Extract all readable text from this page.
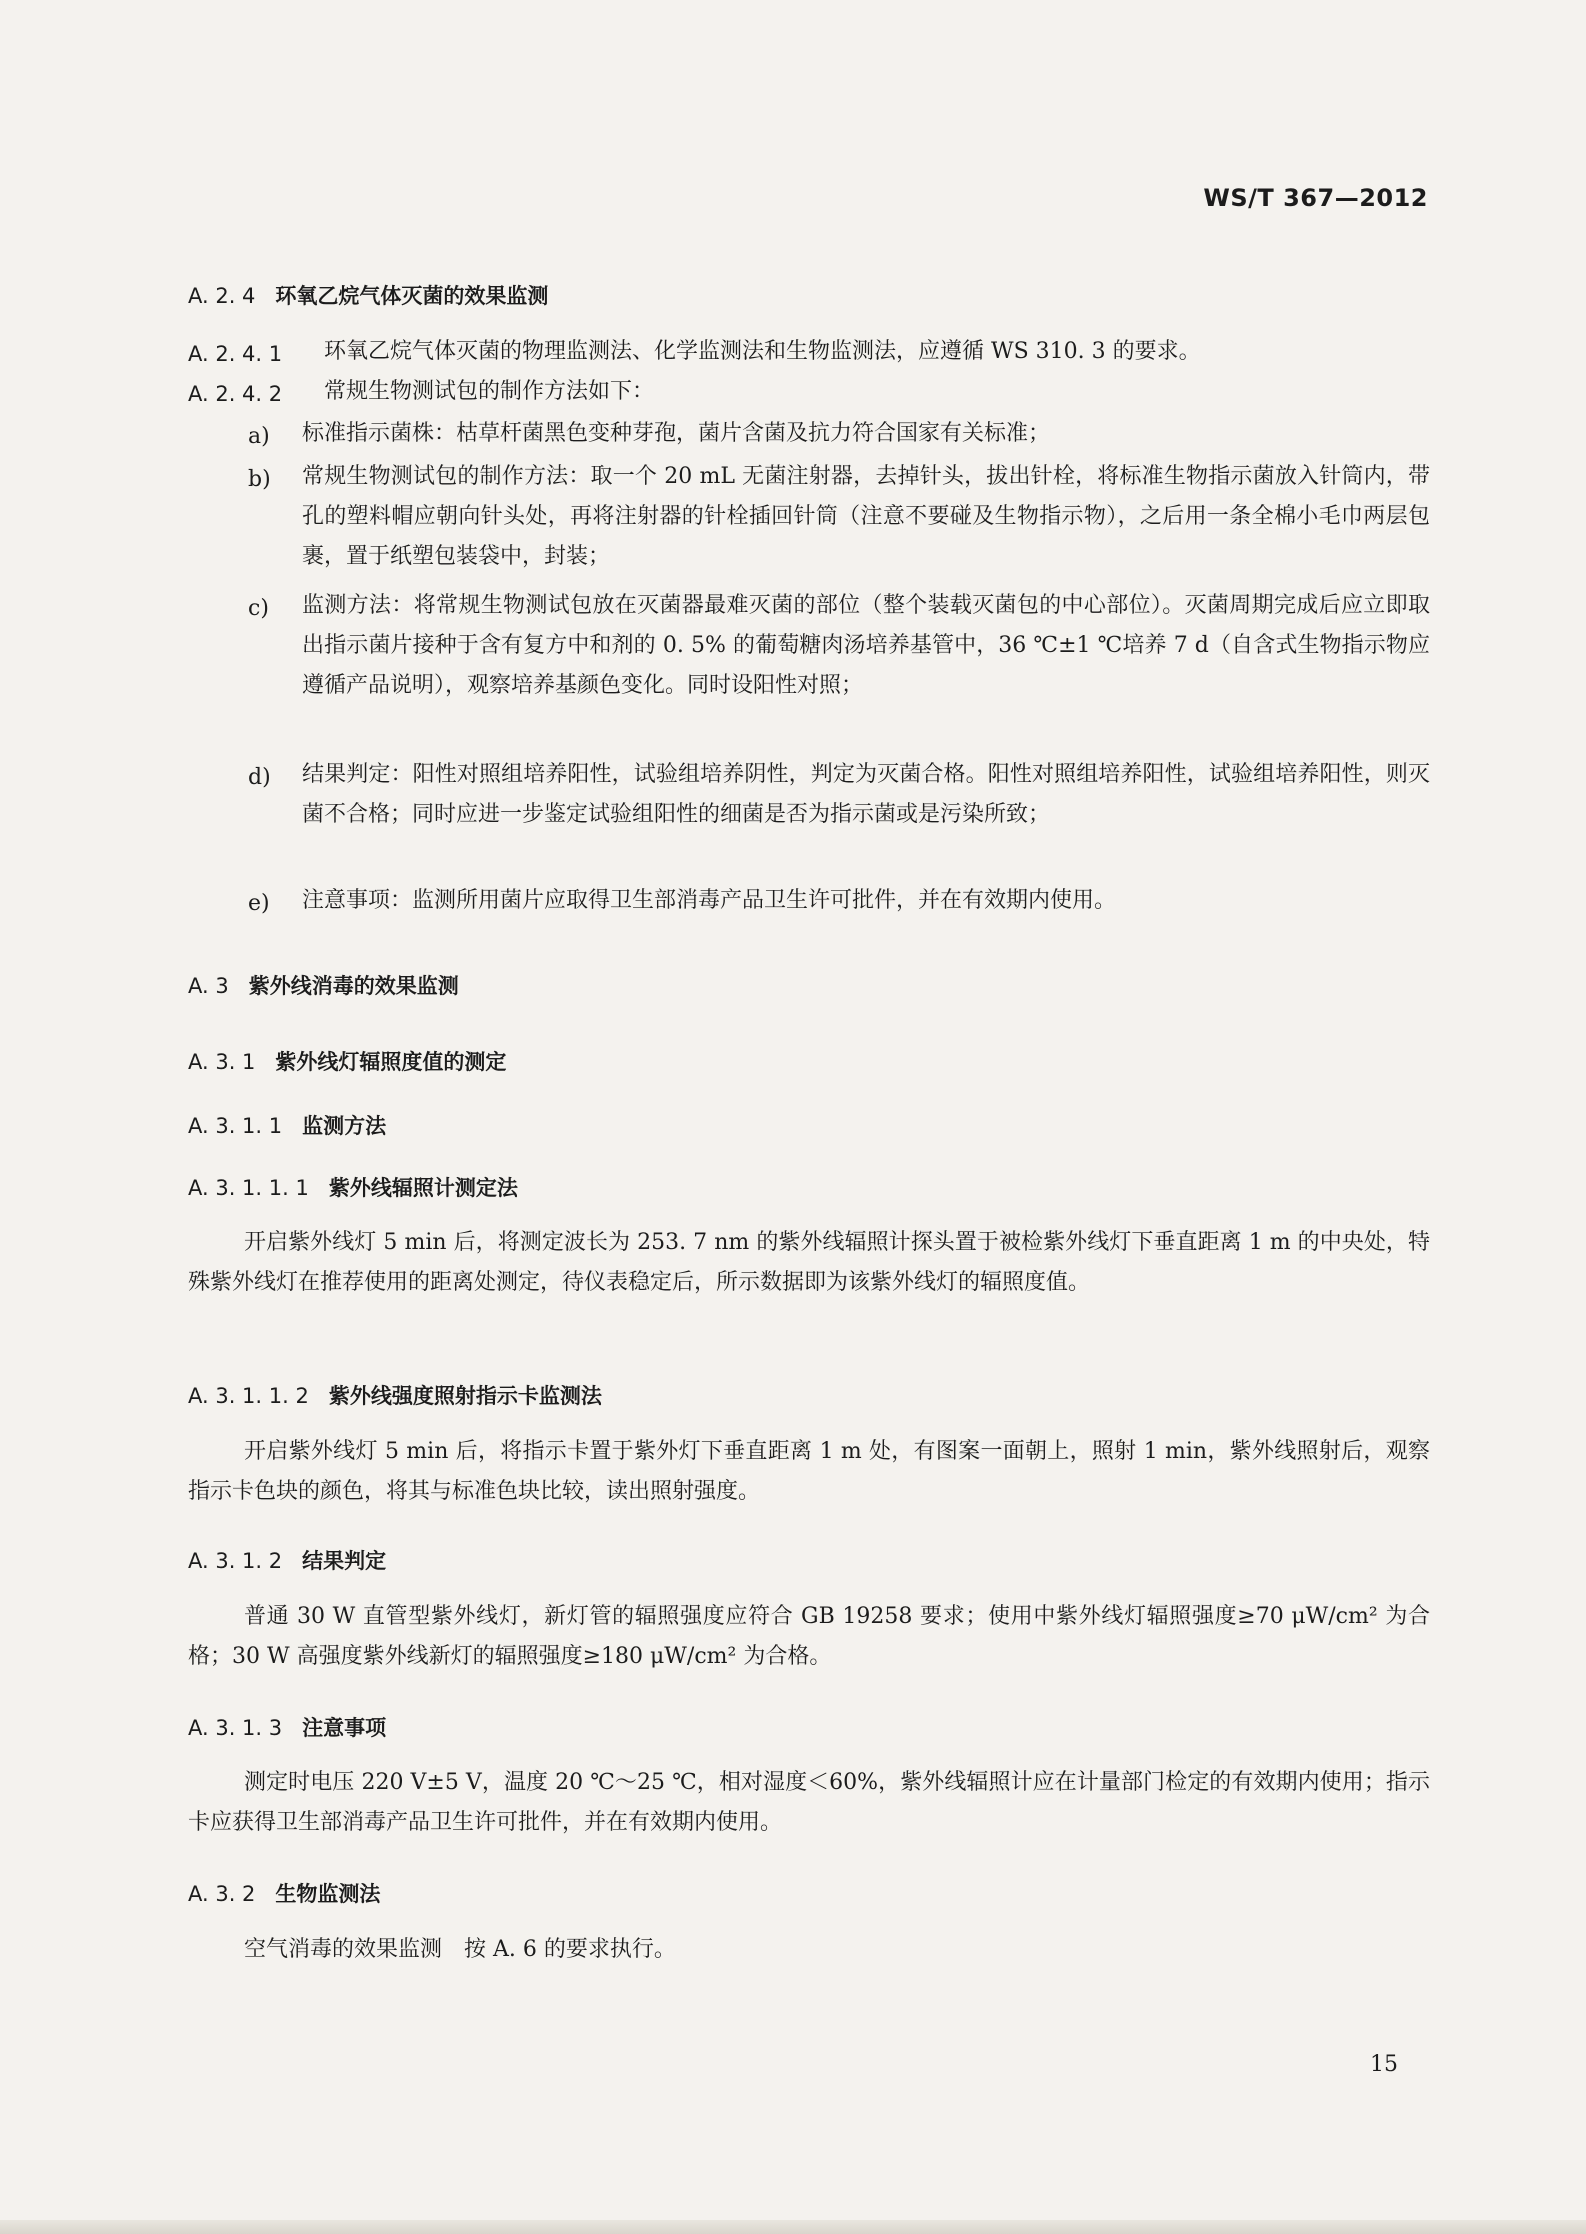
WS/T 367—2012
A. 2. 4 环氧乙烷气体灭菌的效果监测
A. 2. 4. 1 环氧乙烷气体灭菌的物理监测法、化学监测法和生物监测法，应遵循 WS 310. 3 的要求。
A. 2. 4. 2 常规生物测试包的制作方法如下：
a) 标准指示菌株：枯草杆菌黑色变种芽孢，菌片含菌及抗力符合国家有关标准；
b) 常规生物测试包的制作方法：取一个 20 mL 无菌注射器，去掉针头，拔出针栓，将标准生物指示菌放入针筒内，带孔的塑料帽应朝向针头处，再将注射器的针栓插回针筒（注意不要碰及生物指示物），之后用一条全棉小毛巾两层包裹，置于纸塑包装袋中，封装；
c) 监测方法：将常规生物测试包放在灭菌器最难灭菌的部位（整个装载灭菌包的中心部位）。灭菌周期完成后应立即取出指示菌片接种于含有复方中和剂的 0. 5% 的葡萄糖肉汤培养基管中，36 ℃±1 ℃培养 7 d（自含式生物指示物应遵循产品说明），观察培养基颜色变化。同时设阳性对照；
d) 结果判定：阳性对照组培养阳性，试验组培养阴性，判定为灭菌合格。阳性对照组培养阳性，试验组培养阳性，则灭菌不合格；同时应进一步鉴定试验组阳性的细菌是否为指示菌或是污染所致；
e) 注意事项：监测所用菌片应取得卫生部消毒产品卫生许可批件，并在有效期内使用。
A. 3 紫外线消毒的效果监测
A. 3. 1 紫外线灯辐照度值的测定
A. 3. 1. 1 监测方法
A. 3. 1. 1. 1 紫外线辐照计测定法
开启紫外线灯 5 min 后，将测定波长为 253. 7 nm 的紫外线辐照计探头置于被检紫外线灯下垂直距离 1 m 的中央处，特殊紫外线灯在推荐使用的距离处测定，待仪表稳定后，所示数据即为该紫外线灯的辐照度值。
A. 3. 1. 1. 2 紫外线强度照射指示卡监测法
开启紫外线灯 5 min 后，将指示卡置于紫外灯下垂直距离 1 m 处，有图案一面朝上，照射 1 min，紫外线照射后，观察指示卡色块的颜色，将其与标准色块比较，读出照射强度。
A. 3. 1. 2 结果判定
普通 30 W 直管型紫外线灯，新灯管的辐照强度应符合 GB 19258 要求；使用中紫外线灯辐照强度≥70 μW/cm² 为合格；30 W 高强度紫外线新灯的辐照强度≥180 μW/cm² 为合格。
A. 3. 1. 3 注意事项
测定时电压 220 V±5 V，温度 20 ℃～25 ℃，相对湿度＜60%，紫外线辐照计应在计量部门检定的有效期内使用；指示卡应获得卫生部消毒产品卫生许可批件，并在有效期内使用。
A. 3. 2 生物监测法
空气消毒的效果监测　按 A. 6 的要求执行。
15
